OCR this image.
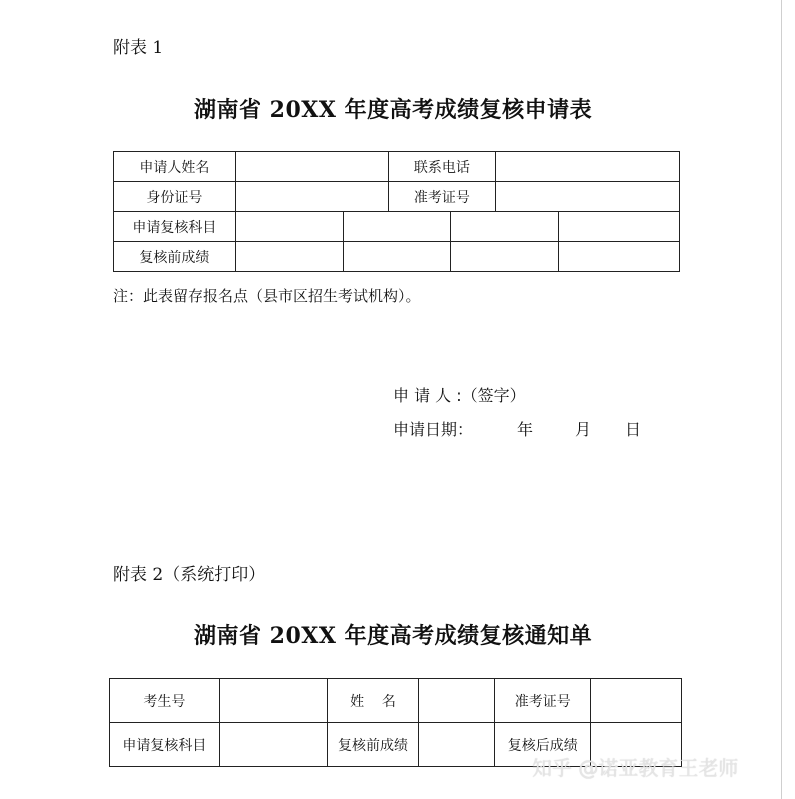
附表 1
湖南省 20XX 年度高考成绩复核申请表
申请人姓名			联系电话			
身份证号			准考证号			
申请复核科目						
复核前成绩						
注：此表留存报名点（县市区招生考试机构）。
申 请 人 :（签字）
申请日期：	年	月 日
附表 2（系统打印）
湖南省 20XX 年度高考成绩复核通知单
考生号		姓    名		准考证号	
申请复核科目		复核前成绩		复核后成绩	
知乎 @诺亚教育王老师
